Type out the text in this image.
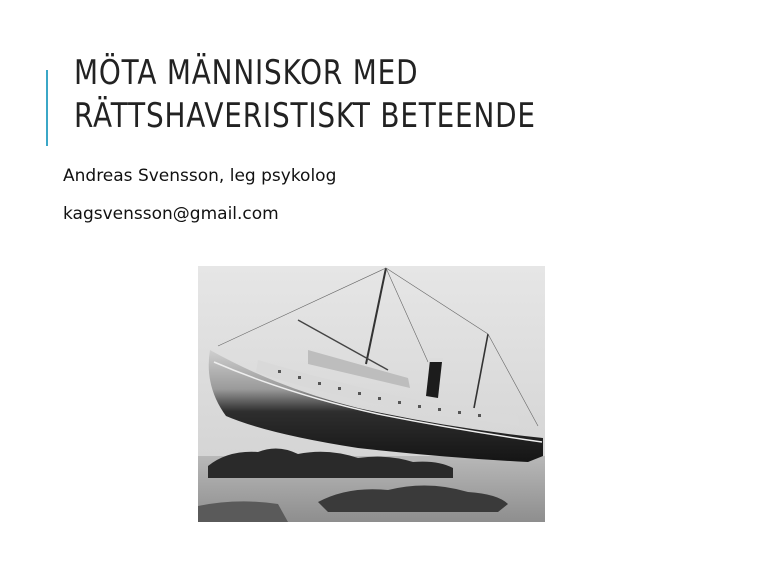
MÖTA MÄNNISKOR MED
RÄTTSHAVERISTISKT BETEENDE

Andreas Svensson, leg psykolog

kagsvensson@gmail.com
